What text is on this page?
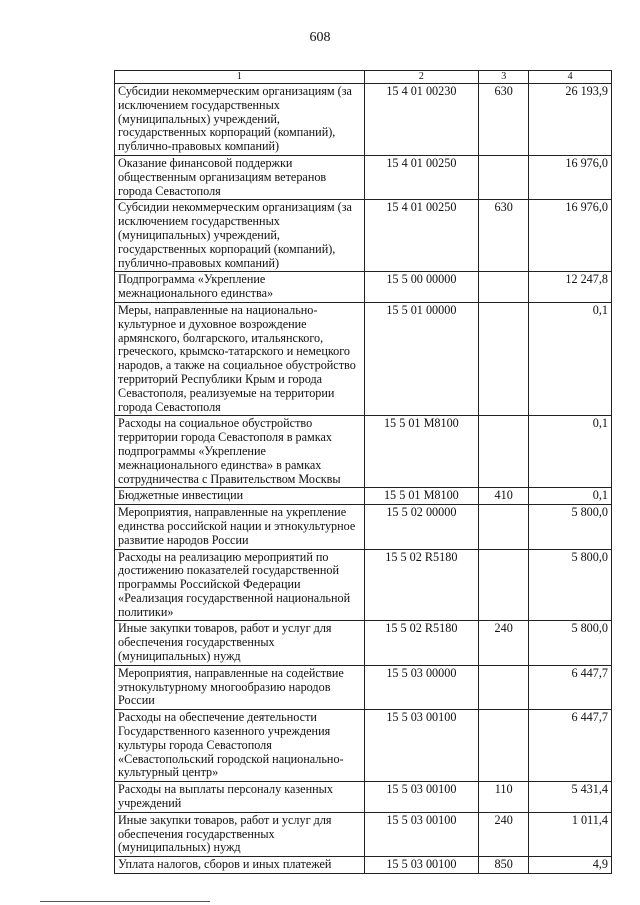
608
1	2	3	4
Субсидии некоммерческим организациям (за исключением государственных (муниципальных) учреждений, государственных корпораций (компаний), публично-правовых компаний)	15 4 01 00230	630	26 193,9
Оказание финансовой поддержки общественным организациям ветеранов города Севастополя	15 4 01 00250		16 976,0
Субсидии некоммерческим организациям (за исключением государственных (муниципальных) учреждений, государственных корпораций (компаний), публично-правовых компаний)	15 4 01 00250	630	16 976,0
Подпрограмма «Укрепление межнационального единства»	15 5 00 00000		12 247,8
Меры, направленные на национально-культурное и духовное возрождение армянского, болгарского, итальянского, греческого, крымско-татарского и немецкого народов, а также на социальное обустройство территорий Республики Крым и города Севастополя, реализуемые на территории города Севастополя	15 5 01 00000		0,1
Расходы на социальное обустройство территории города Севастополя в рамках подпрограммы «Укрепление межнационального единства» в рамках сотрудничества с Правительством Москвы	15 5 01 М8100		0,1
Бюджетные инвестиции	15 5 01 М8100	410	0,1
Мероприятия, направленные на укрепление единства российской нации и этнокультурное развитие народов России	15 5 02 00000		5 800,0
Расходы на реализацию мероприятий по достижению показателей государственной программы Российской Федерации «Реализация государственной национальной политики»	15 5 02 R5180		5 800,0
Иные закупки товаров, работ и услуг для обеспечения государственных (муниципальных) нужд	15 5 02 R5180	240	5 800,0
Мероприятия, направленные на содействие этнокультурному многообразию народов России	15 5 03 00000		6 447,7
Расходы на обеспечение деятельности Государственного казенного учреждения культуры города Севастополя «Севастопольский городской национально-культурный центр»	15 5 03 00100		6 447,7
Расходы на выплаты персоналу казенных учреждений	15 5 03 00100	110	5 431,4
Иные закупки товаров, работ и услуг для обеспечения государственных (муниципальных) нужд	15 5 03 00100	240	1 011,4
Уплата налогов, сборов и иных платежей	15 5 03 00100	850	4,9
